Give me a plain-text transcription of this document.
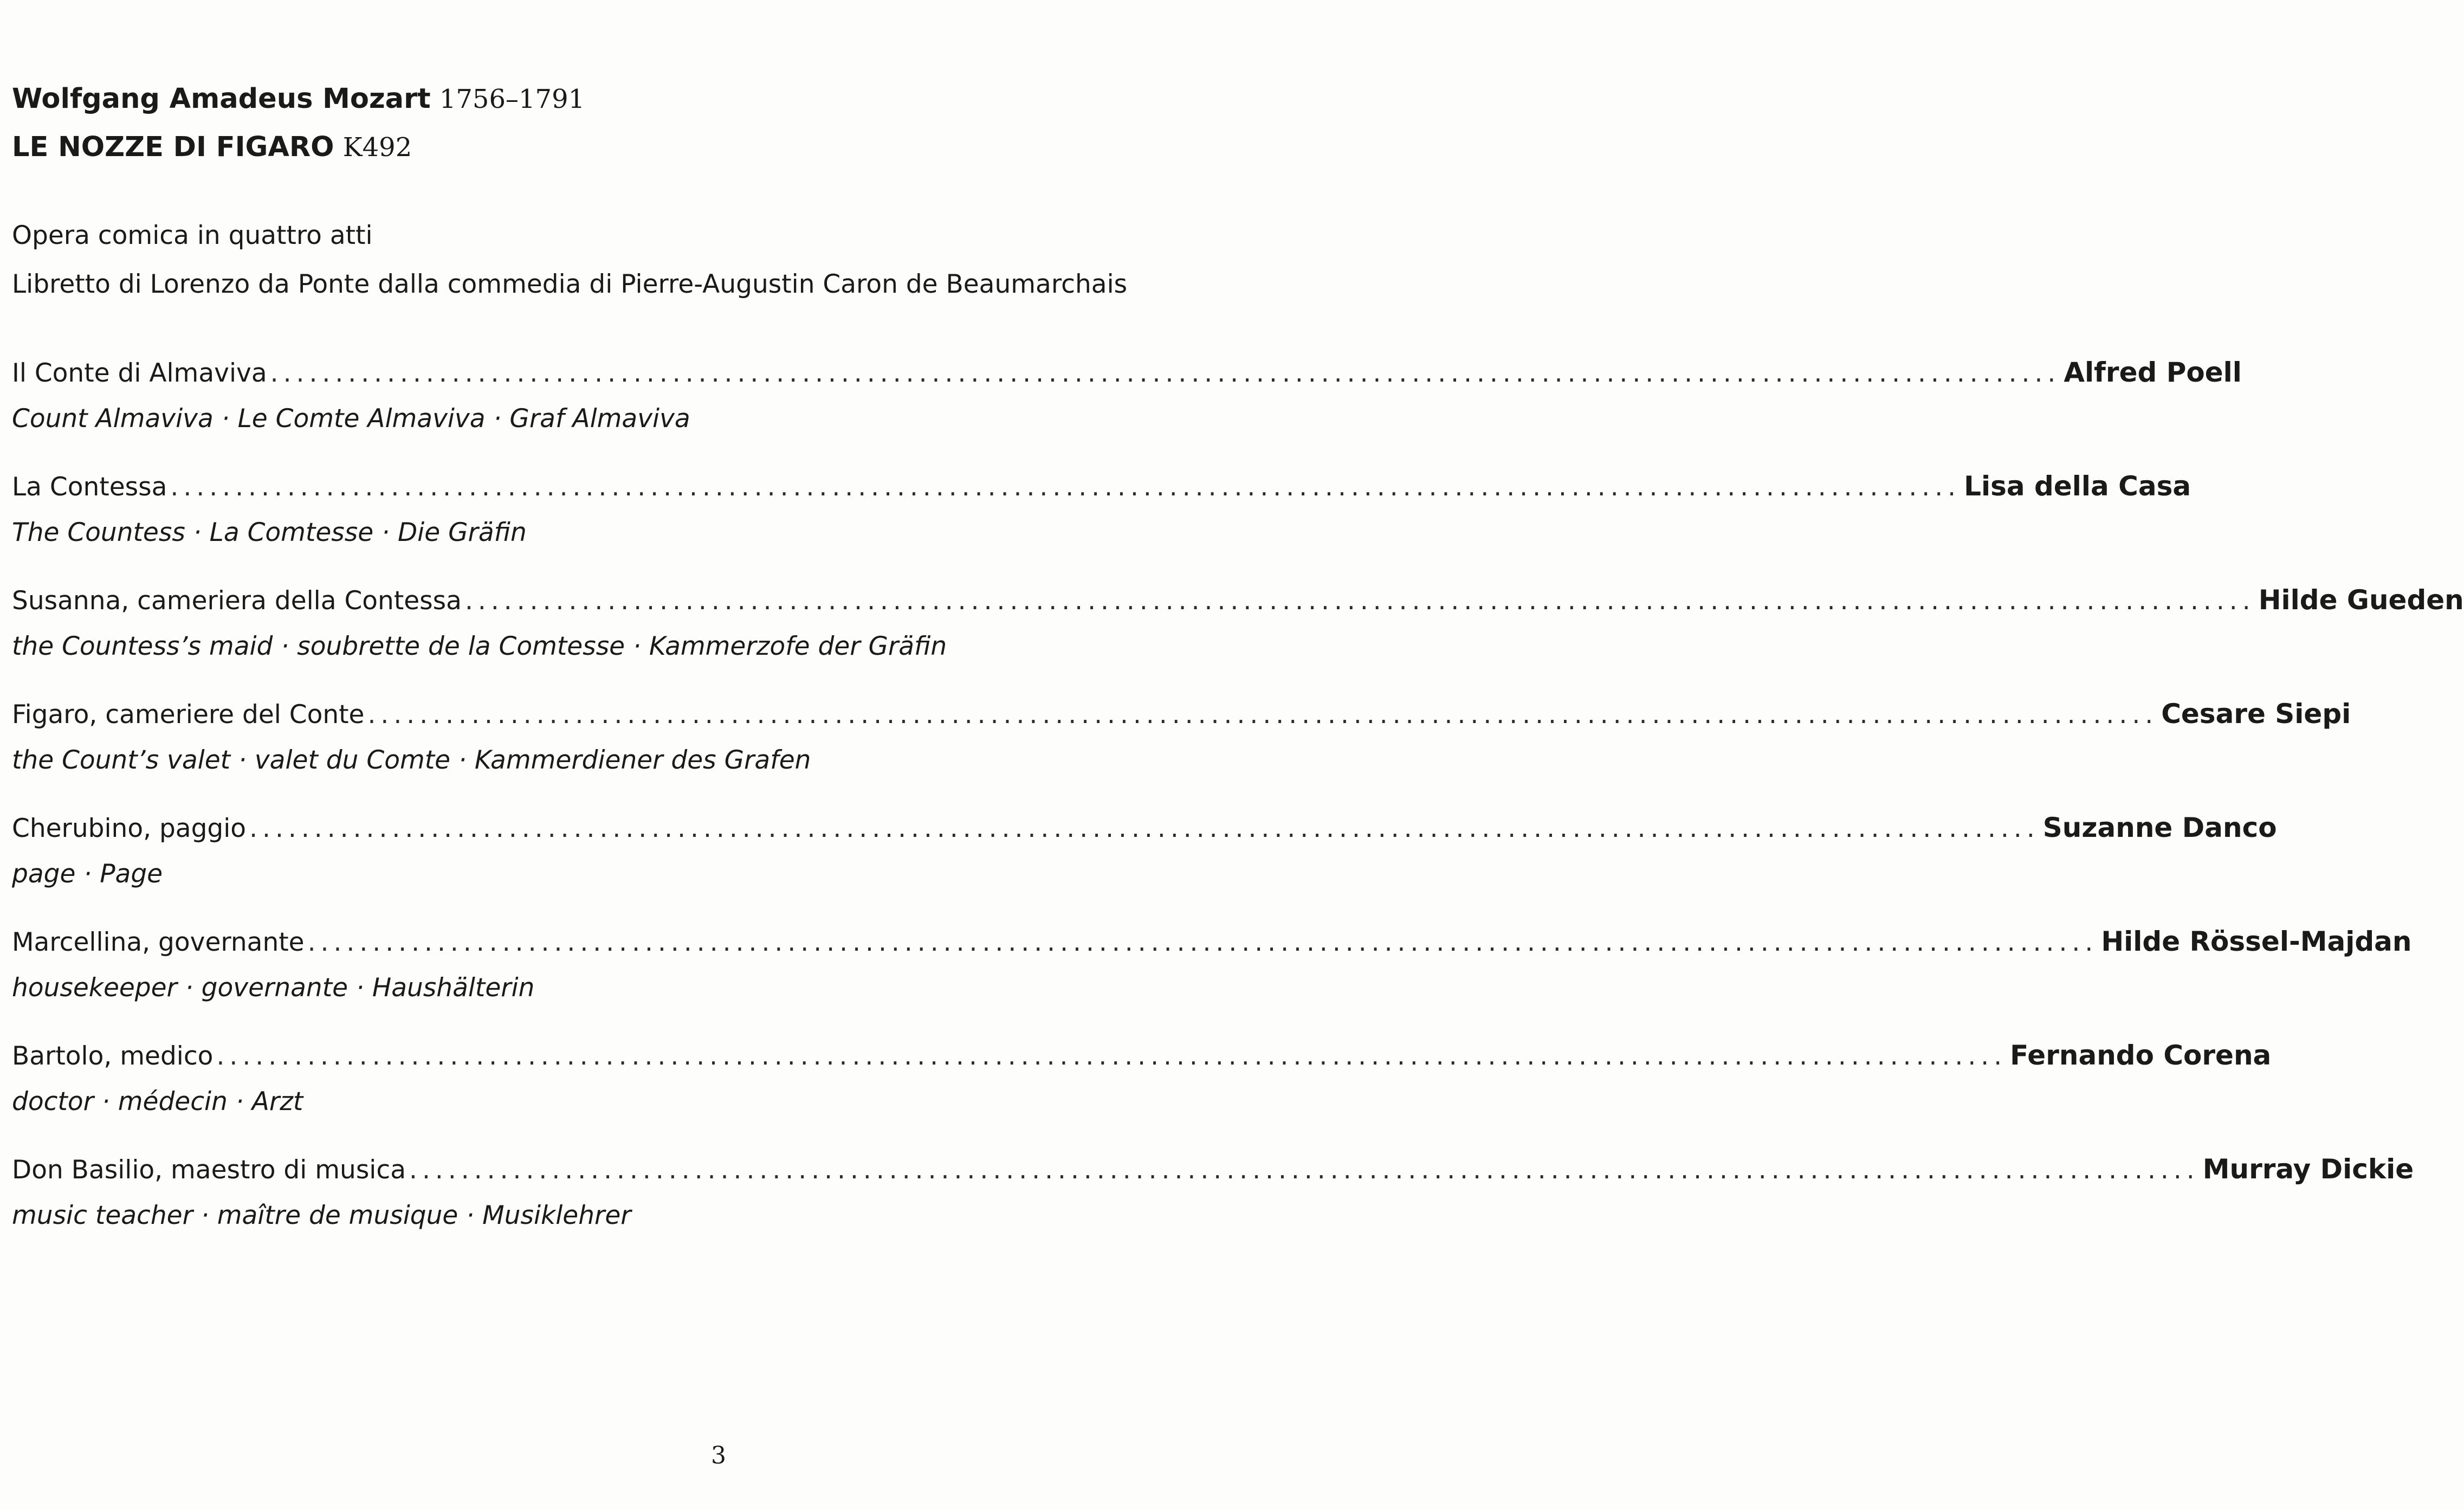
Wolfgang Amadeus Mozart 1756–1791
LE NOZZE DI FIGARO K492
Opera comica in quattro atti
Libretto di Lorenzo da Ponte dalla commedia di Pierre-Augustin Caron de Beaumarchais
Il Conte di Almaviva .......................................................................................................................................... Alfred Poell
Count Almaviva · Le Comte Almaviva · Graf Almaviva
La Contessa .......................................................................................................................................... Lisa della Casa
The Countess · La Comtesse · Die Gräfin
Susanna, cameriera della Contessa .......................................................................................................................................... Hilde Gueden
the Countess’s maid · soubrette de la Comtesse · Kammerzofe der Gräfin
Figaro, cameriere del Conte .......................................................................................................................................... Cesare Siepi
the Count’s valet · valet du Comte · Kammerdiener des Grafen
Cherubino, paggio .......................................................................................................................................... Suzanne Danco
page · Page
Marcellina, governante .......................................................................................................................................... Hilde Rössel-Majdan
housekeeper · governante · Haushälterin
Bartolo, medico .......................................................................................................................................... Fernando Corena
doctor · médecin · Arzt
Don Basilio, maestro di musica .......................................................................................................................................... Murray Dickie
music teacher · maître de musique · Musiklehrer
3
